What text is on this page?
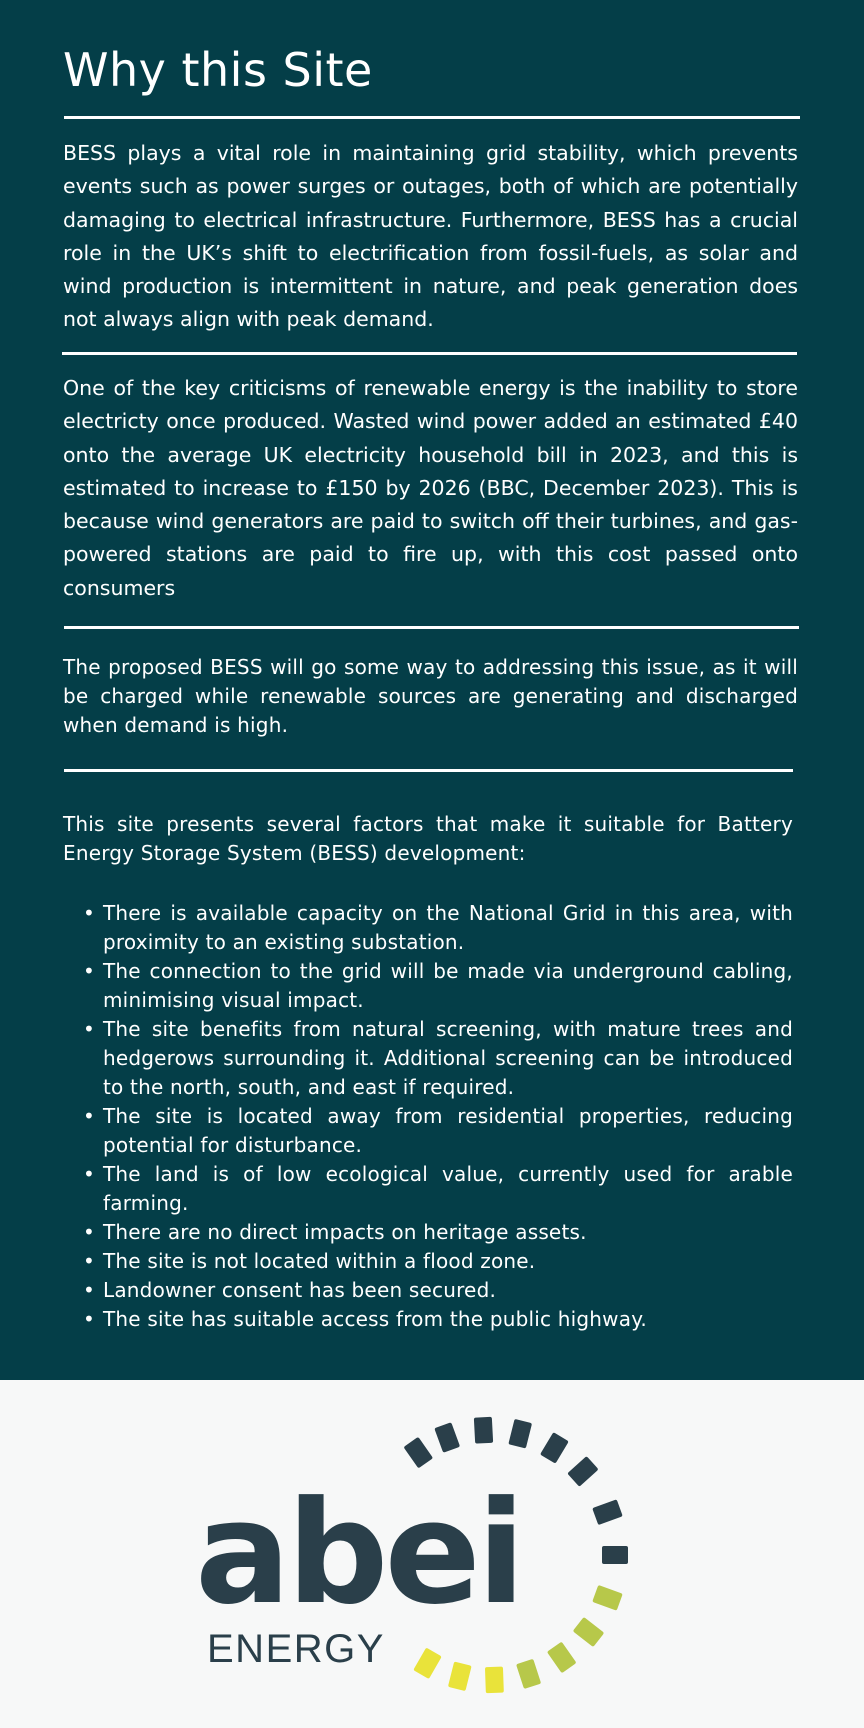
Why this Site

BESS plays a vital role in maintaining grid stability, which prevents events such as power surges or outages, both of which are potentially damaging to electrical infrastructure. Furthermore, BESS has a crucial role in the UK’s shift to electrification from fossil-fuels, as solar and wind production is intermittent in nature, and peak generation does not always align with peak demand.

One of the key criticisms of renewable energy is the inability to store electricty once produced. Wasted wind power added an estimated £40 onto the average UK electricity household bill in 2023, and this is estimated to increase to £150 by 2026 (BBC, December 2023). This is because wind generators are paid to switch off their turbines, and gas-powered stations are paid to fire up, with this cost passed onto consumers

The proposed BESS will go some way to addressing this issue, as it will be charged while renewable sources are generating and discharged when demand is high.

This site presents several factors that make it suitable for Battery Energy Storage System (BESS) development:

• There is available capacity on the National Grid in this area, with proximity to an existing substation.
• The connection to the grid will be made via underground cabling, minimising visual impact.
• The site benefits from natural screening, with mature trees and hedgerows surrounding it. Additional screening can be introduced to the north, south, and east if required.
• The site is located away from residential properties, reducing potential for disturbance.
• The land is of low ecological value, currently used for arable farming.
• There are no direct impacts on heritage assets.
• The site is not located within a flood zone.
• Landowner consent has been secured.
• The site has suitable access from the public highway.
abei
ENERGY
